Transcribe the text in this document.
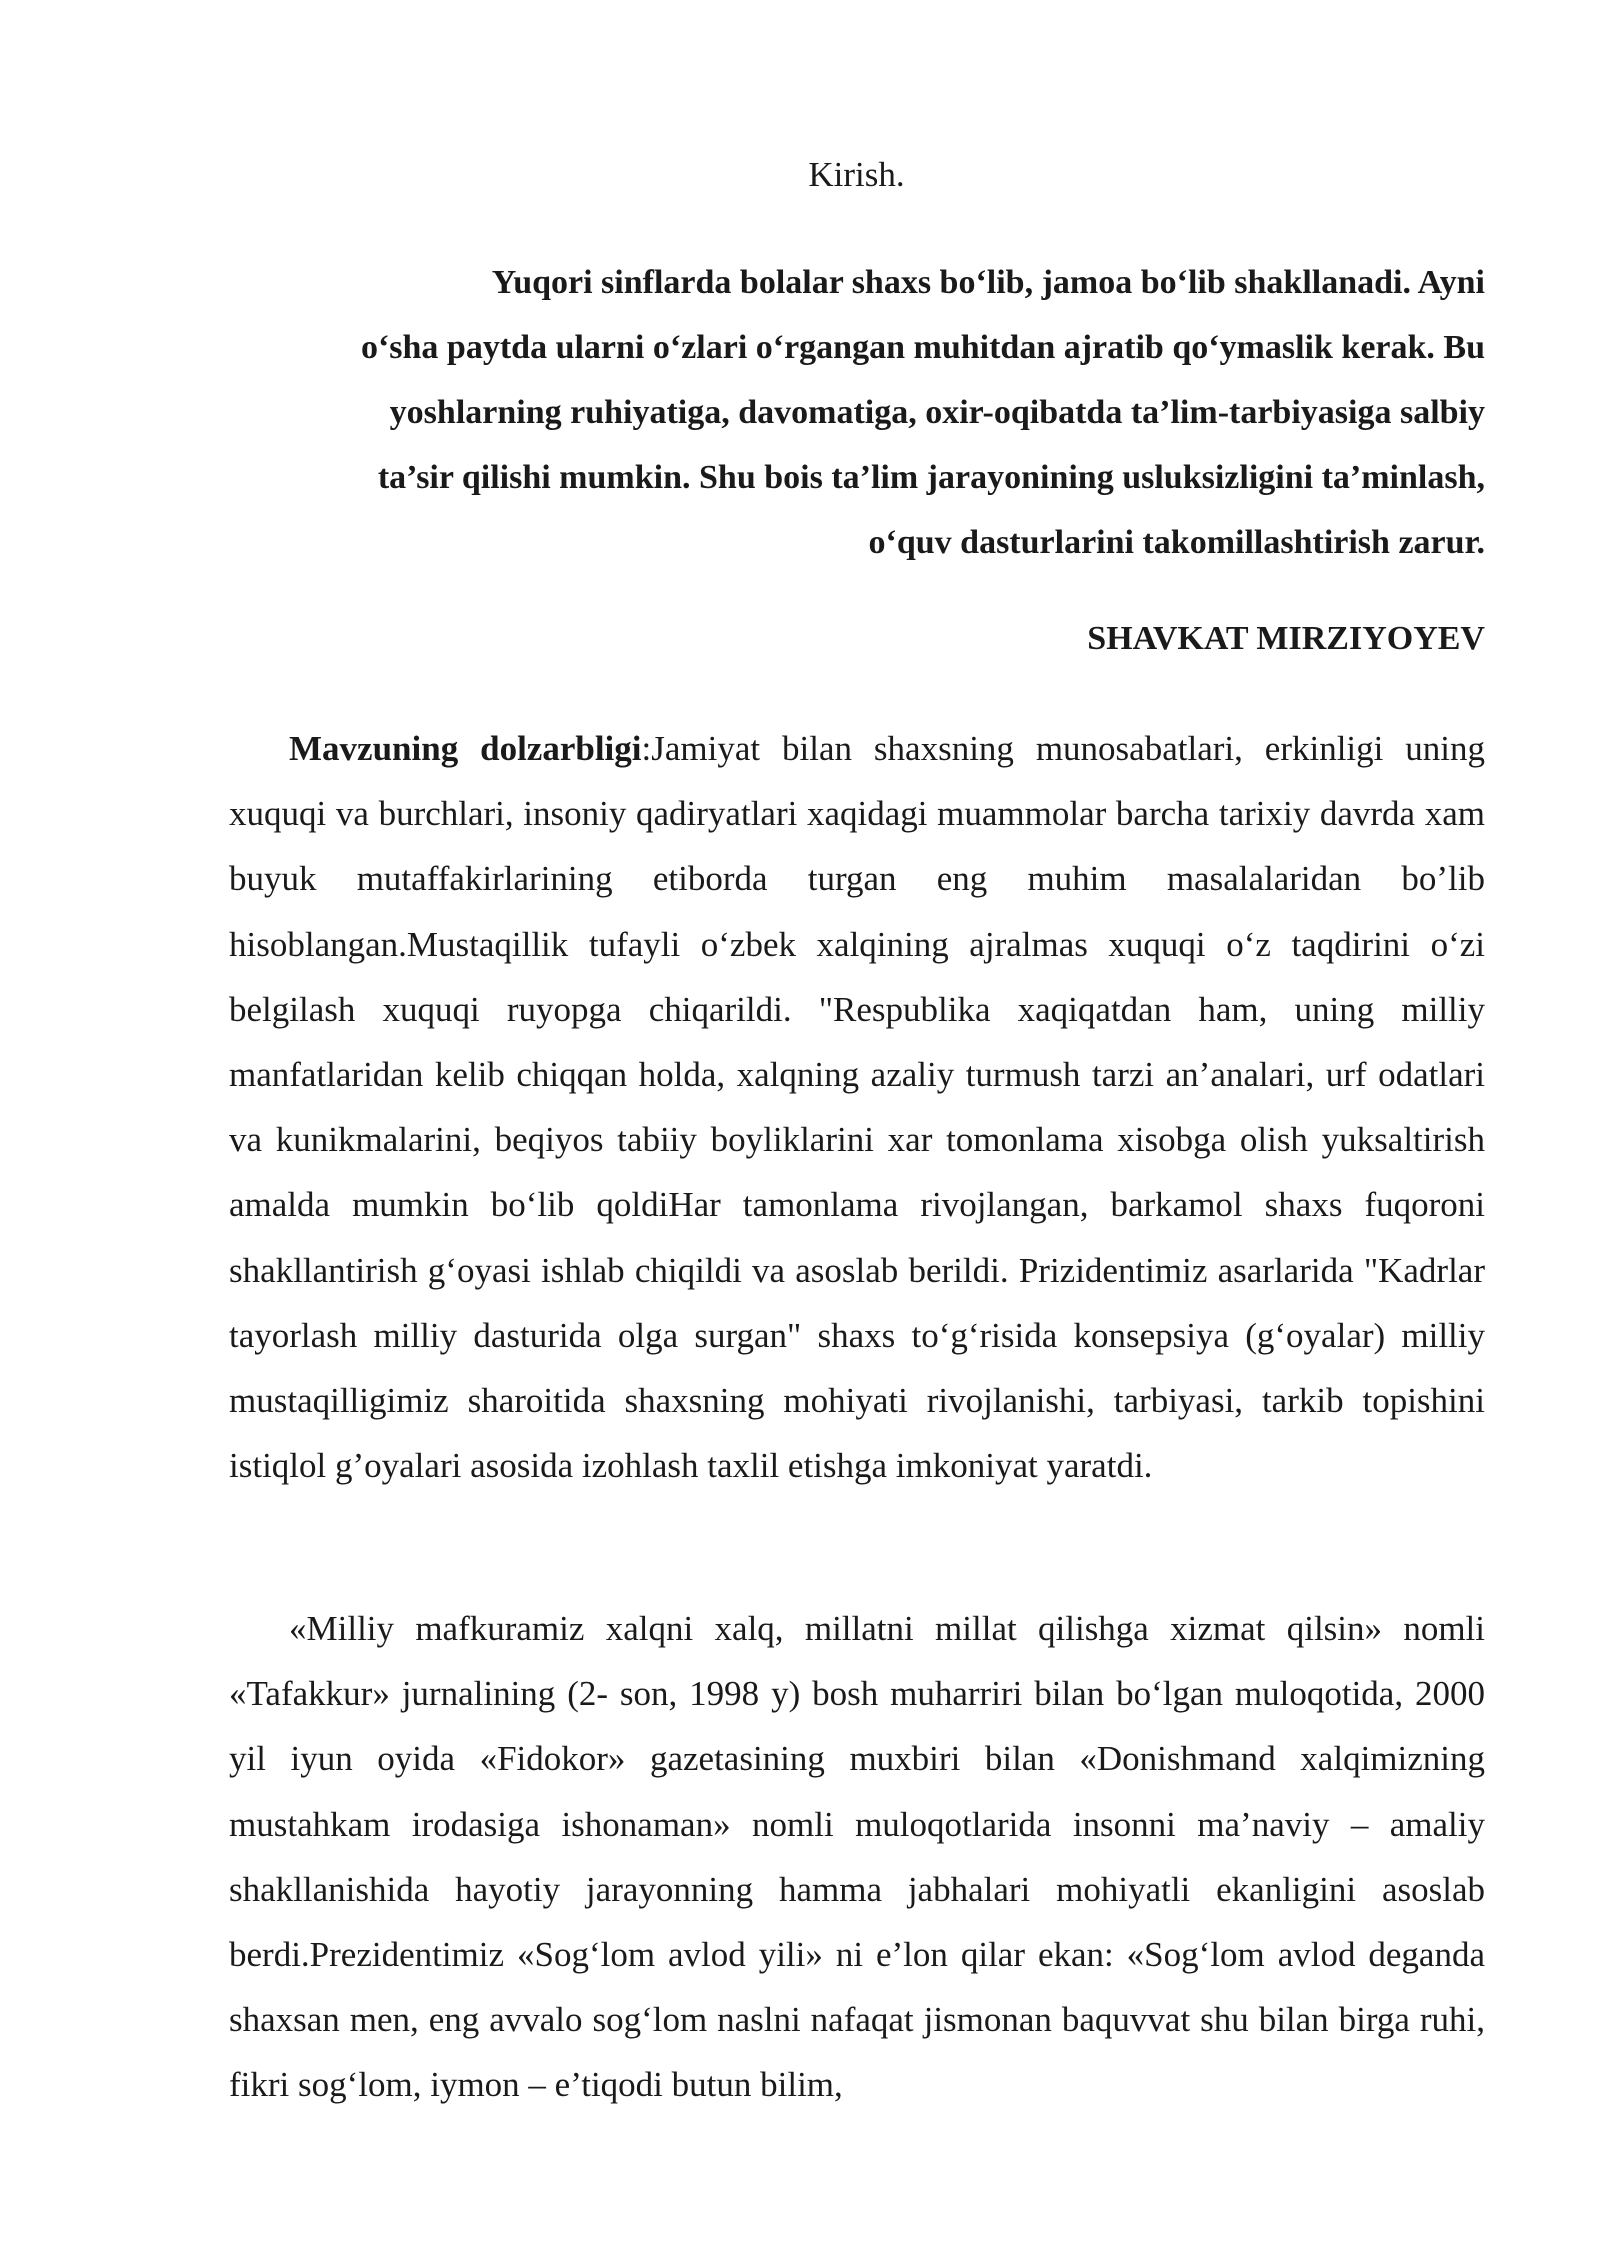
Kirish.
Yuqori sinflarda bolalar shaxs bo‘lib, jamoa bo‘lib shakllanadi. Ayni
o‘sha paytda ularni o‘zlari o‘rgangan muhitdan ajratib qo‘ymaslik kerak. Bu
yoshlarning ruhiyatiga, davomatiga, oxir-oqibatda ta’lim-tarbiyasiga salbiy
ta’sir qilishi mumkin. Shu bois ta’lim jarayonining usluksizligini ta’minlash,
o‘quv dasturlarini takomillashtirish zarur.
SHAVKAT MIRZIYOYEV

Mavzuning dolzarbligi:Jamiyat bilan shaxsning munosabatlari, erkinligi uning xuquqi va burchlari, insoniy qadiryatlari xaqidagi muammolar barcha tarixiy davrda xam buyuk mutaffakirlarining etiborda turgan eng muhim masalalaridan bo’lib hisoblangan.Mustaqillik tufayli o‘zbek xalqining ajralmas xuquqi o‘z taqdirini o‘zi belgilash xuquqi ruyopga chiqarildi. "Respublika xaqiqatdan ham, uning milliy manfatlaridan kelib chiqqan holda, xalqning azaliy turmush tarzi an’analari, urf odatlari va kunikmalarini, beqiyos tabiiy boyliklarini xar tomonlama xisobga olish yuksaltirish amalda mumkin bo‘lib qoldiHar tamonlama rivojlangan, barkamol shaxs fuqoroni shakllantirish g‘oyasi ishlab chiqildi va asoslab berildi. Prizidentimiz asarlarida "Kadrlar tayorlash milliy dasturida olga surgan" shaxs to‘g‘risida konsepsiya (g‘oyalar) milliy mustaqilligimiz sharoitida shaxsning mohiyati rivojlanishi, tarbiyasi, tarkib topishini istiqlol g’oyalari asosida izohlash taxlil etishga imkoniyat yaratdi.

«Milliy mafkuramiz xalqni xalq, millatni millat qilishga xizmat qilsin» nomli «Tafakkur» jurnalining (2- son, 1998 y) bosh muharriri bilan bo‘lgan muloqotida, 2000 yil iyun oyida «Fidokor» gazetasining muxbiri bilan «Donishmand xalqimizning mustahkam irodasiga ishonaman» nomli muloqotlarida insonni ma’naviy – amaliy shakllanishida hayotiy jarayonning hamma jabhalari mohiyatli ekanligini asoslab berdi.Prezidentimiz «Sog‘lom avlod yili» ni e’lon qilar ekan: «Sog‘lom avlod deganda shaxsan men, eng avvalo sog‘lom naslni nafaqat jismonan baquvvat shu bilan birga ruhi, fikri sog‘lom, iymon – e’tiqodi butun bilim,
